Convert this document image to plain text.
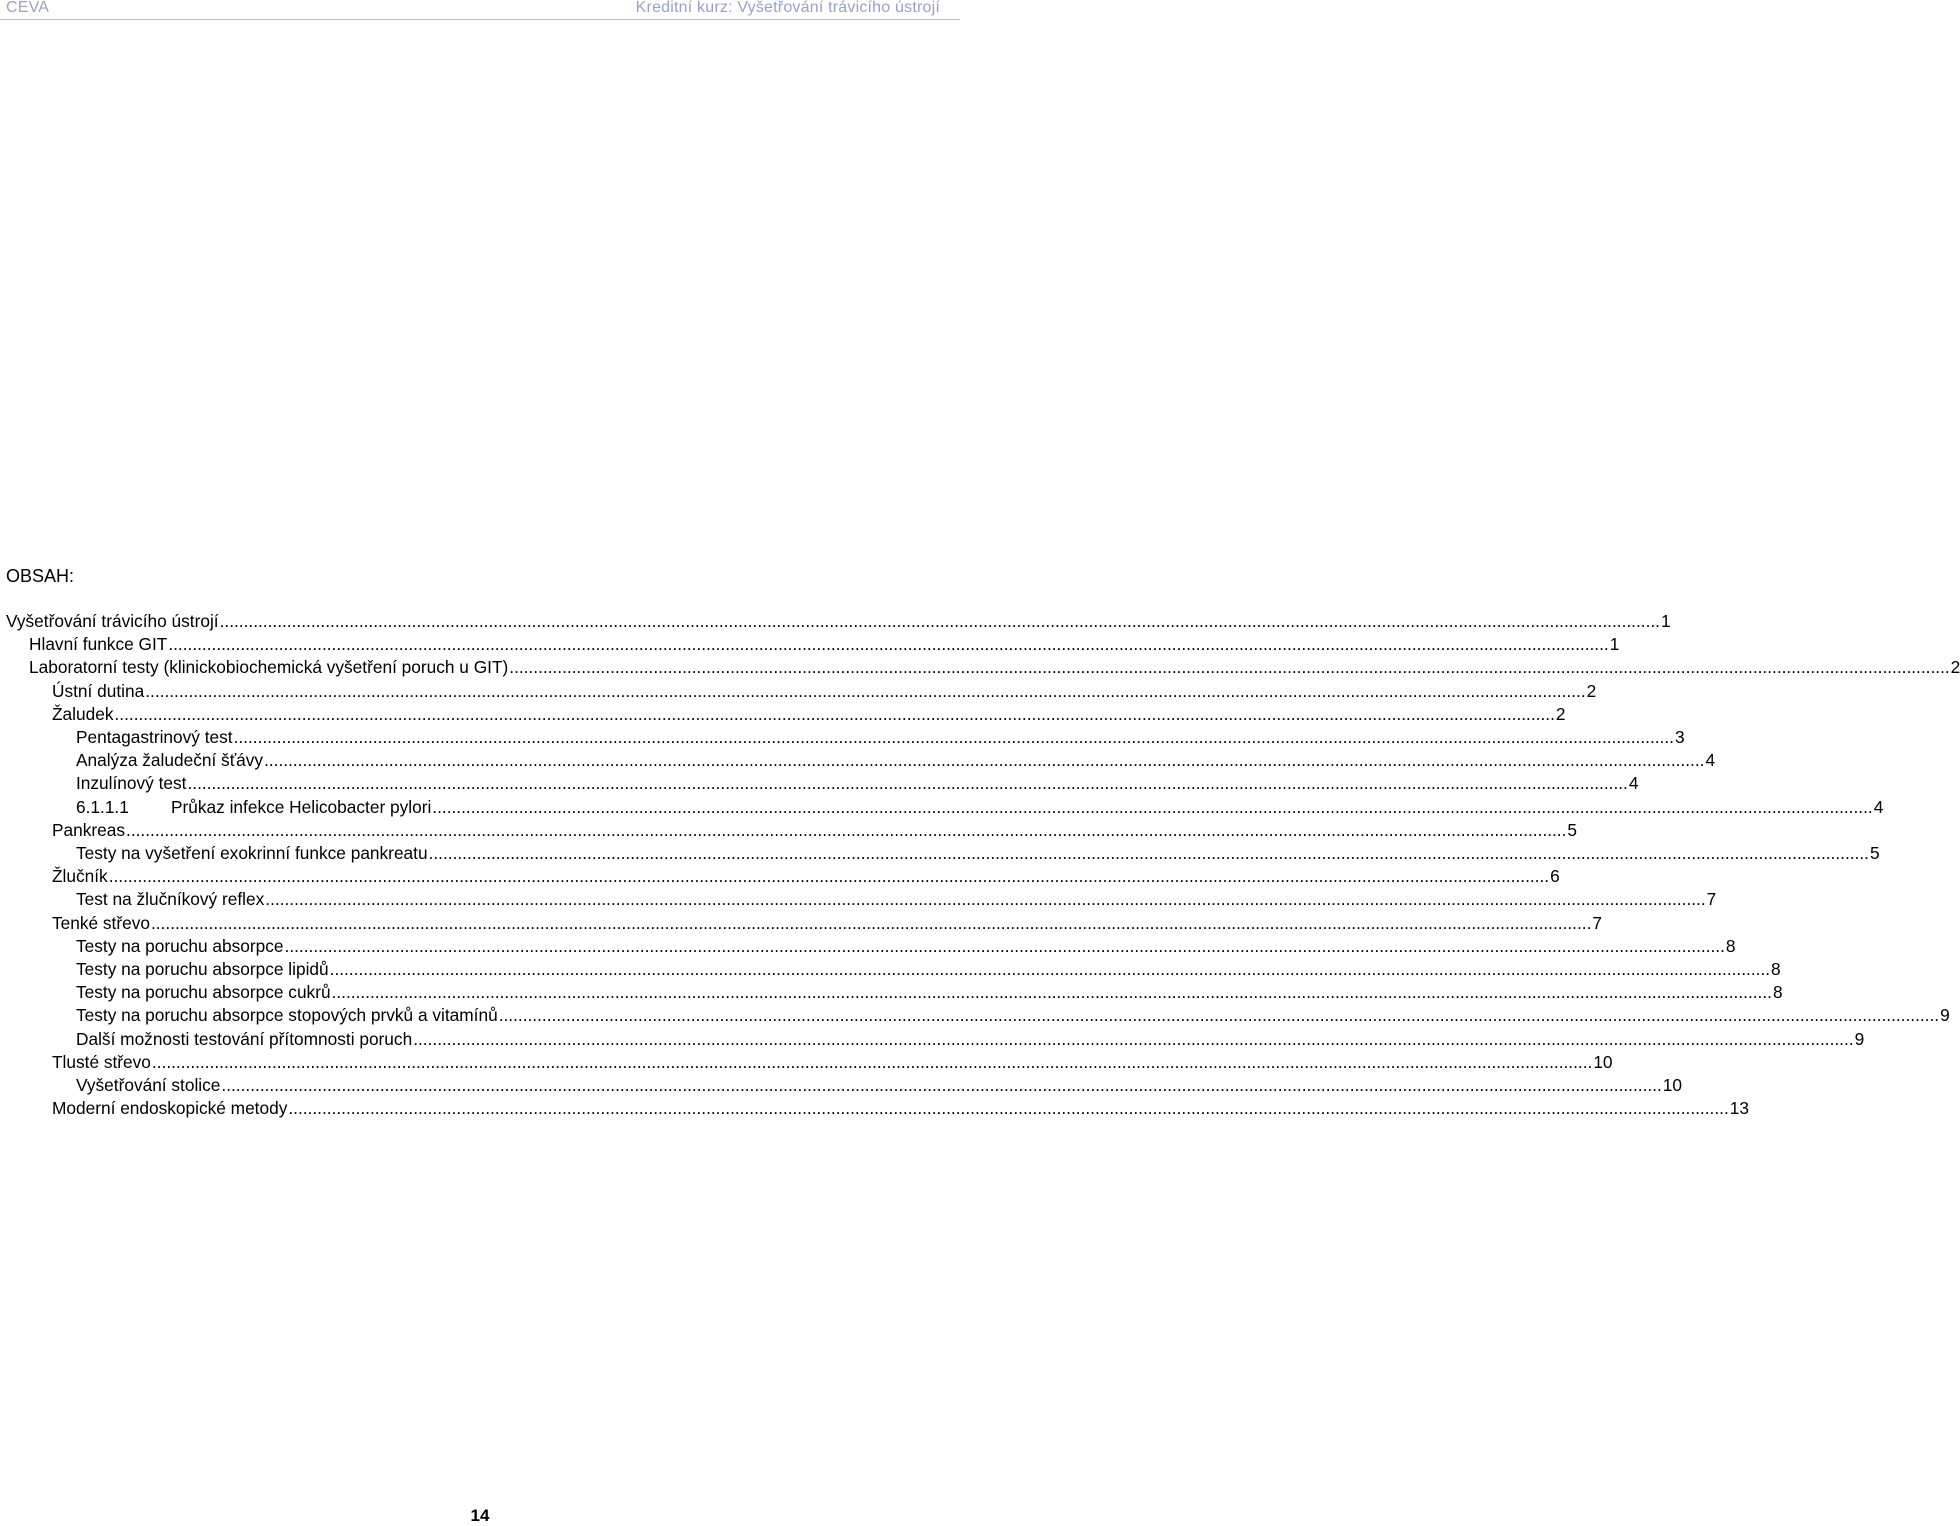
CEVA	Kreditní kurz: Vyšetřování trávicího ústrojí
OBSAH:
Vyšetřování trávicího ústrojí ............................................................................................................................................................................................................................................................................................................ 1
Hlavní funkce GIT ............................................................................................................................................................................................................................................................................................................ 1
Laboratorní testy (klinickobiochemická vyšetření poruch u GIT) ............................................................................................................................................................................................................................................................................................................ 2
Ústní dutina ............................................................................................................................................................................................................................................................................................................ 2
Žaludek ............................................................................................................................................................................................................................................................................................................ 2
Pentagastrinový test ............................................................................................................................................................................................................................................................................................................ 3
Analýza žaludeční šťávy ............................................................................................................................................................................................................................................................................................................ 4
Inzulínový test ............................................................................................................................................................................................................................................................................................................ 4
6.1.1.1 Průkaz infekce Helicobacter pylori ............................................................................................................................................................................................................................................................................................................ 4
Pankreas ............................................................................................................................................................................................................................................................................................................ 5
Testy na vyšetření exokrinní funkce pankreatu ............................................................................................................................................................................................................................................................................................................ 5
Žlučník ............................................................................................................................................................................................................................................................................................................ 6
Test na žlučníkový reflex ............................................................................................................................................................................................................................................................................................................ 7
Tenké střevo ............................................................................................................................................................................................................................................................................................................ 7
Testy na poruchu absorpce ............................................................................................................................................................................................................................................................................................................ 8
Testy na poruchu absorpce lipidů ............................................................................................................................................................................................................................................................................................................ 8
Testy na poruchu absorpce cukrů ............................................................................................................................................................................................................................................................................................................ 8
Testy na poruchu absorpce stopových prvků a vitamínů ............................................................................................................................................................................................................................................................................................................ 9
Další možnosti testování přítomnosti poruch ............................................................................................................................................................................................................................................................................................................ 9
Tlusté střevo ............................................................................................................................................................................................................................................................................................................ 10
Vyšetřování stolice ............................................................................................................................................................................................................................................................................................................ 10
Moderní endoskopické metody ............................................................................................................................................................................................................................................................................................................ 13
14
